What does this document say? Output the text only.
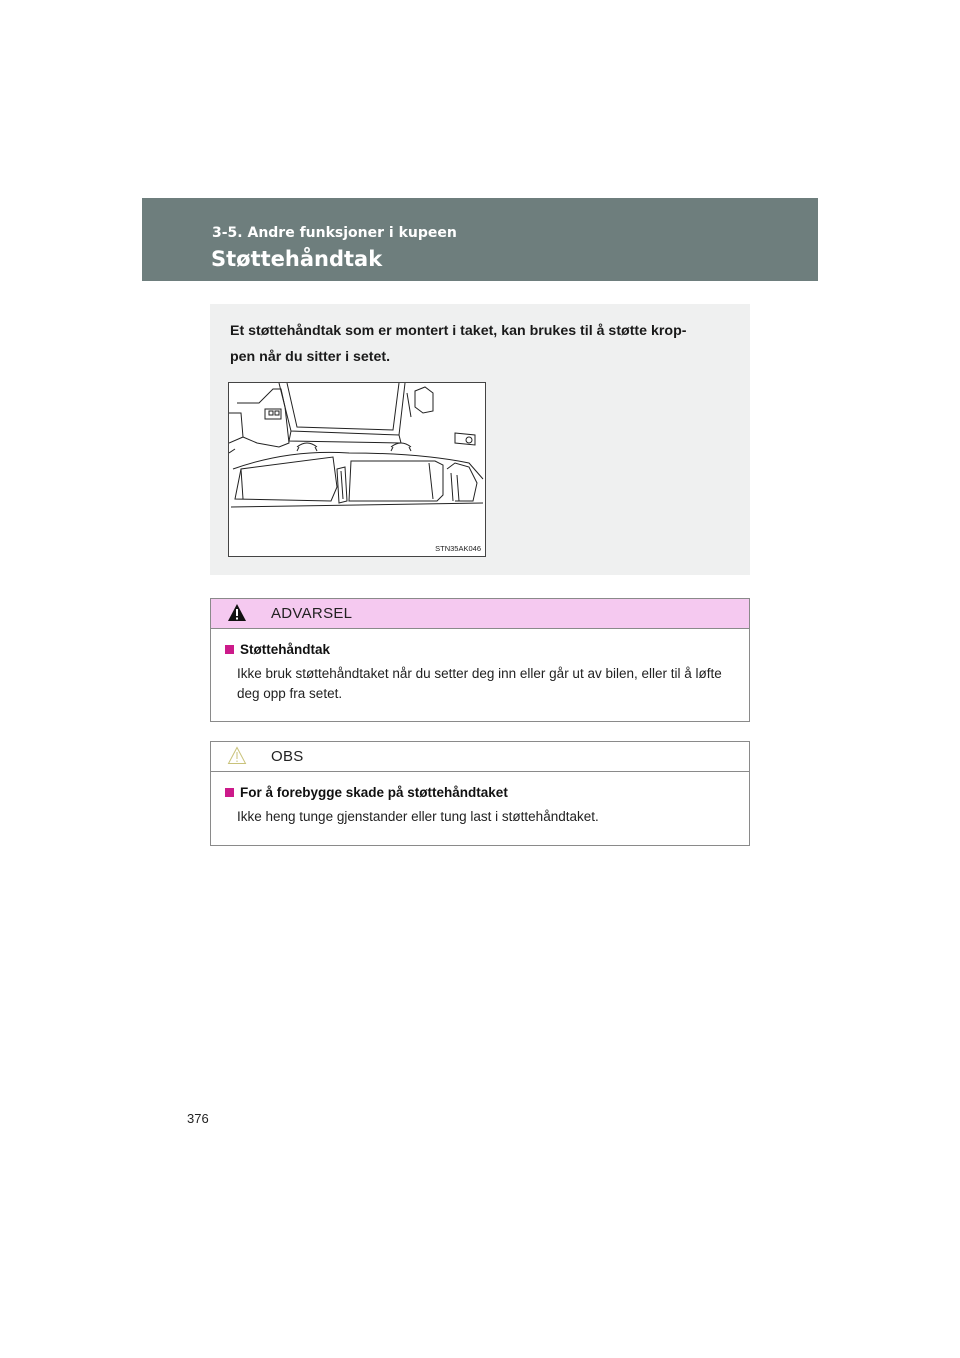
3-5. Andre funksjoner i kupeen
Støttehåndtak
Et støttehåndtak som er montert i taket, kan brukes til å støtte krop-
pen når du sitter i setet.
STN35AK046
ADVARSEL
Støttehåndtak
Ikke bruk støttehåndtaket når du setter deg inn eller går ut av bilen, eller til å løfte deg opp fra setet.
OBS
For å forebygge skade på støttehåndtaket
Ikke heng tunge gjenstander eller tung last i støttehåndtaket.
376
